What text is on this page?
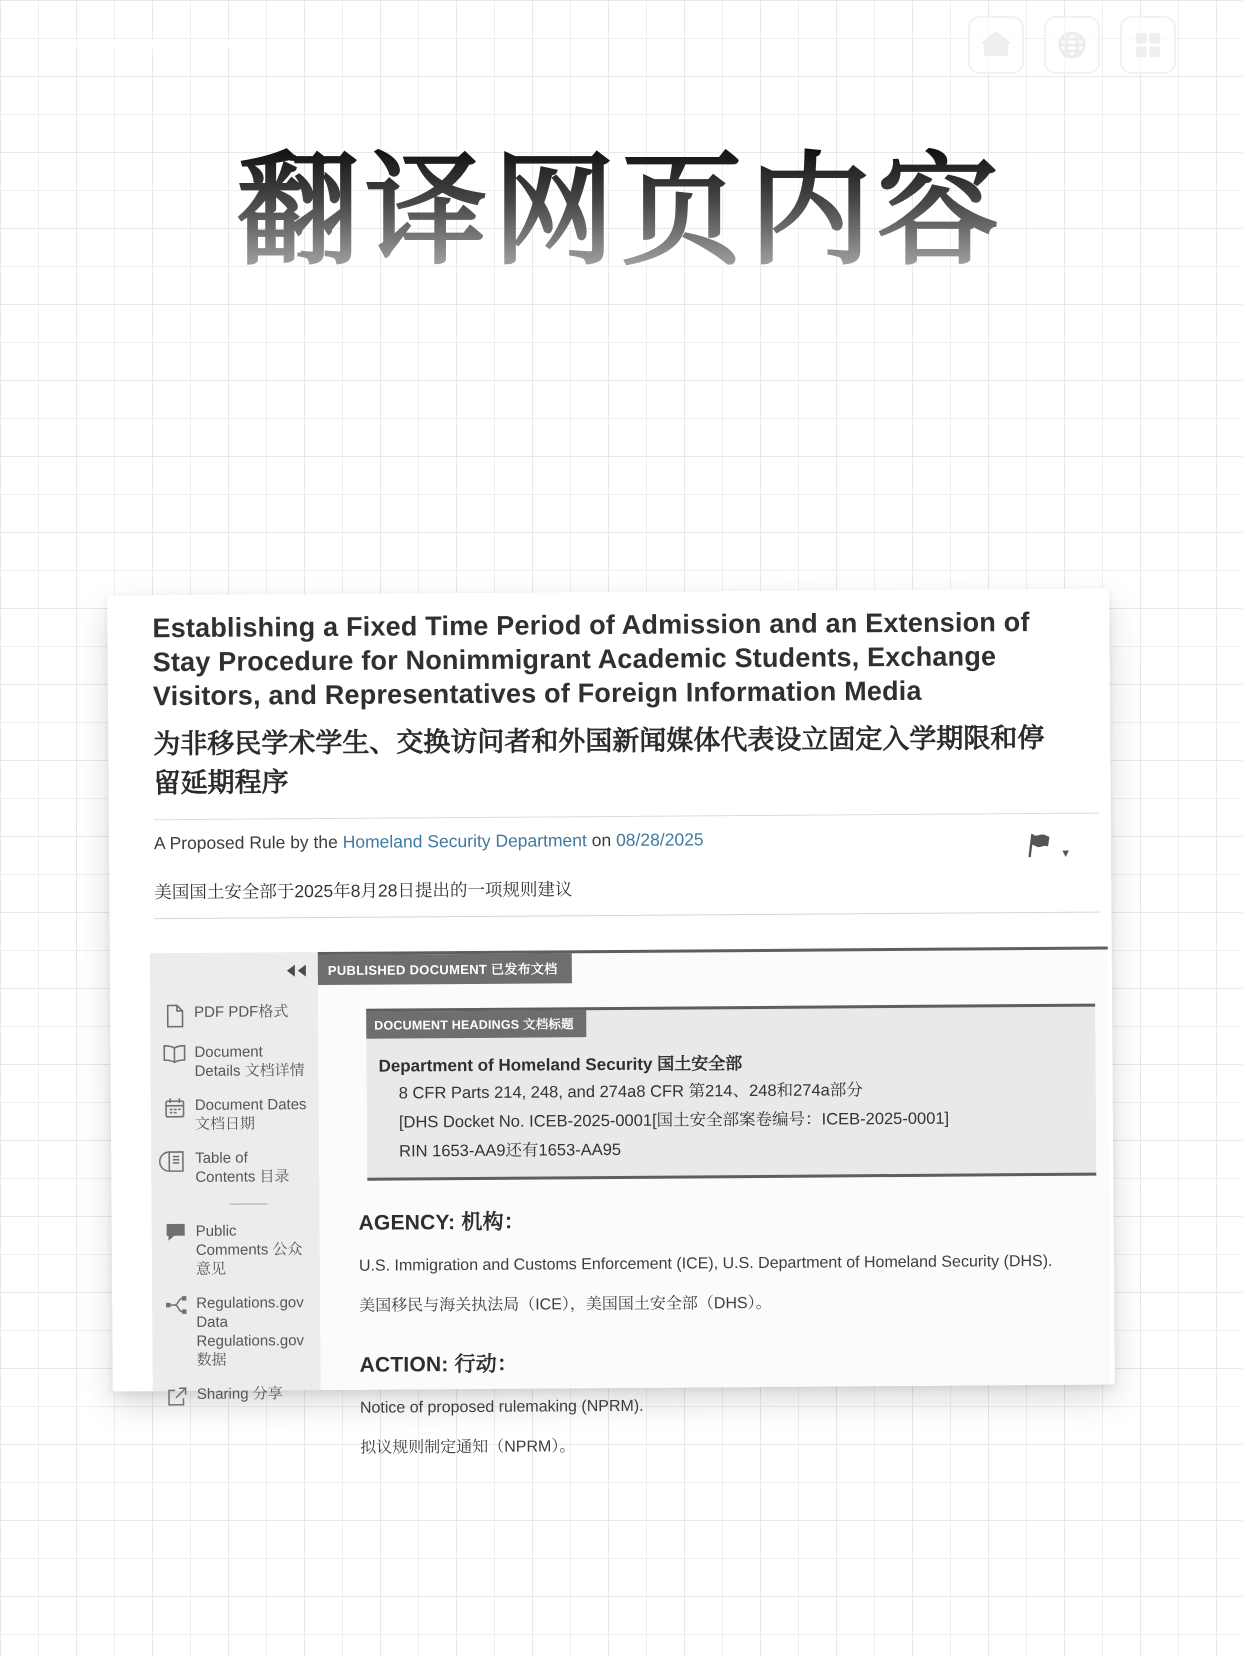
翻译网页内容
Establishing a Fixed Time Period of Admission and an Extension of Stay Procedure for Nonimmigrant Academic Students, Exchange Visitors, and Representatives of Foreign Information Media
为非移民学术学生、交换访问者和外国新闻媒体代表设立固定入学期限和停留延期程序
A Proposed Rule by the Homeland Security Department on 08/28/2025
▼
美国国土安全部于2025年8月28日提出的一项规则建议
PDF PDF格式
Document Details 文档详情
Document Dates 文档日期
Table of Contents 目录
Public Comments 公众意见
Regulations.gov Data Regulations.gov 数据
Sharing 分享
PUBLISHED DOCUMENT 已发布文档
DOCUMENT HEADINGS 文档标题
Department of Homeland Security 国土安全部
8 CFR Parts 214, 248, and 274a8 CFR 第214、248和274a部分
[DHS Docket No. ICEB-2025-0001[国土安全部案卷编号：ICEB-2025-0001]
RIN 1653-AA9还有1653-AA95
AGENCY: 机构：
U.S. Immigration and Customs Enforcement (ICE), U.S. Department of Homeland Security (DHS).
美国移民与海关执法局（ICE），美国国土安全部（DHS）。
ACTION: 行动：
Notice of proposed rulemaking (NPRM).
拟议规则制定通知（NPRM）。
